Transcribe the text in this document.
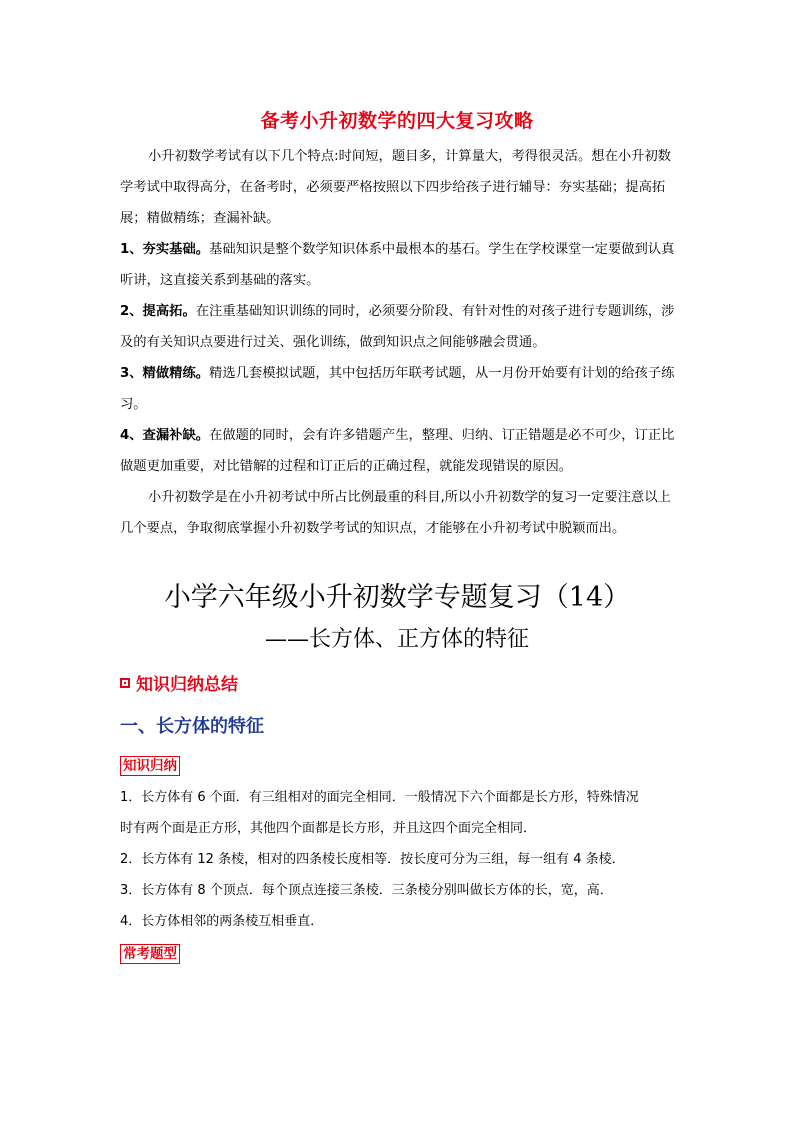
备考小升初数学的四大复习攻略
小升初数学考试有以下几个特点:时间短，题目多，计算量大，考得很灵活。想在小升初数学考试中取得高分，在备考时，必须要严格按照以下四步给孩子进行辅导：夯实基础；提高拓展；精做精练；查漏补缺。
1、夯实基础。基础知识是整个数学知识体系中最根本的基石。学生在学校课堂一定要做到认真听讲，这直接关系到基础的落实。
2、提高拓。在注重基础知识训练的同时，必须要分阶段、有针对性的对孩子进行专题训练，涉及的有关知识点要进行过关、强化训练，做到知识点之间能够融会贯通。
3、精做精练。精选几套模拟试题，其中包括历年联考试题，从一月份开始要有计划的给孩子练习。
4、查漏补缺。在做题的同时，会有许多错题产生，整理、归纳、订正错题是必不可少，订正比做题更加重要，对比错解的过程和订正后的正确过程，就能发现错误的原因。
小升初数学是在小升初考试中所占比例最重的科目,所以小升初数学的复习一定要注意以上几个要点，争取彻底掌握小升初数学考试的知识点，才能够在小升初考试中脱颖而出。
小学六年级小升初数学专题复习（14）
——长方体、正方体的特征
知识归纳总结
一、长方体的特征
知识归纳
1．长方体有 6 个面．有三组相对的面完全相同．一般情况下六个面都是长方形，特殊情况
时有两个面是正方形，其他四个面都是长方形，并且这四个面完全相同．
2．长方体有 12 条棱，相对的四条棱长度相等．按长度可分为三组，每一组有 4 条棱．
3．长方体有 8 个顶点．每个顶点连接三条棱．三条棱分别叫做长方体的长，宽，高．
4．长方体相邻的两条棱互相垂直．
常考题型
